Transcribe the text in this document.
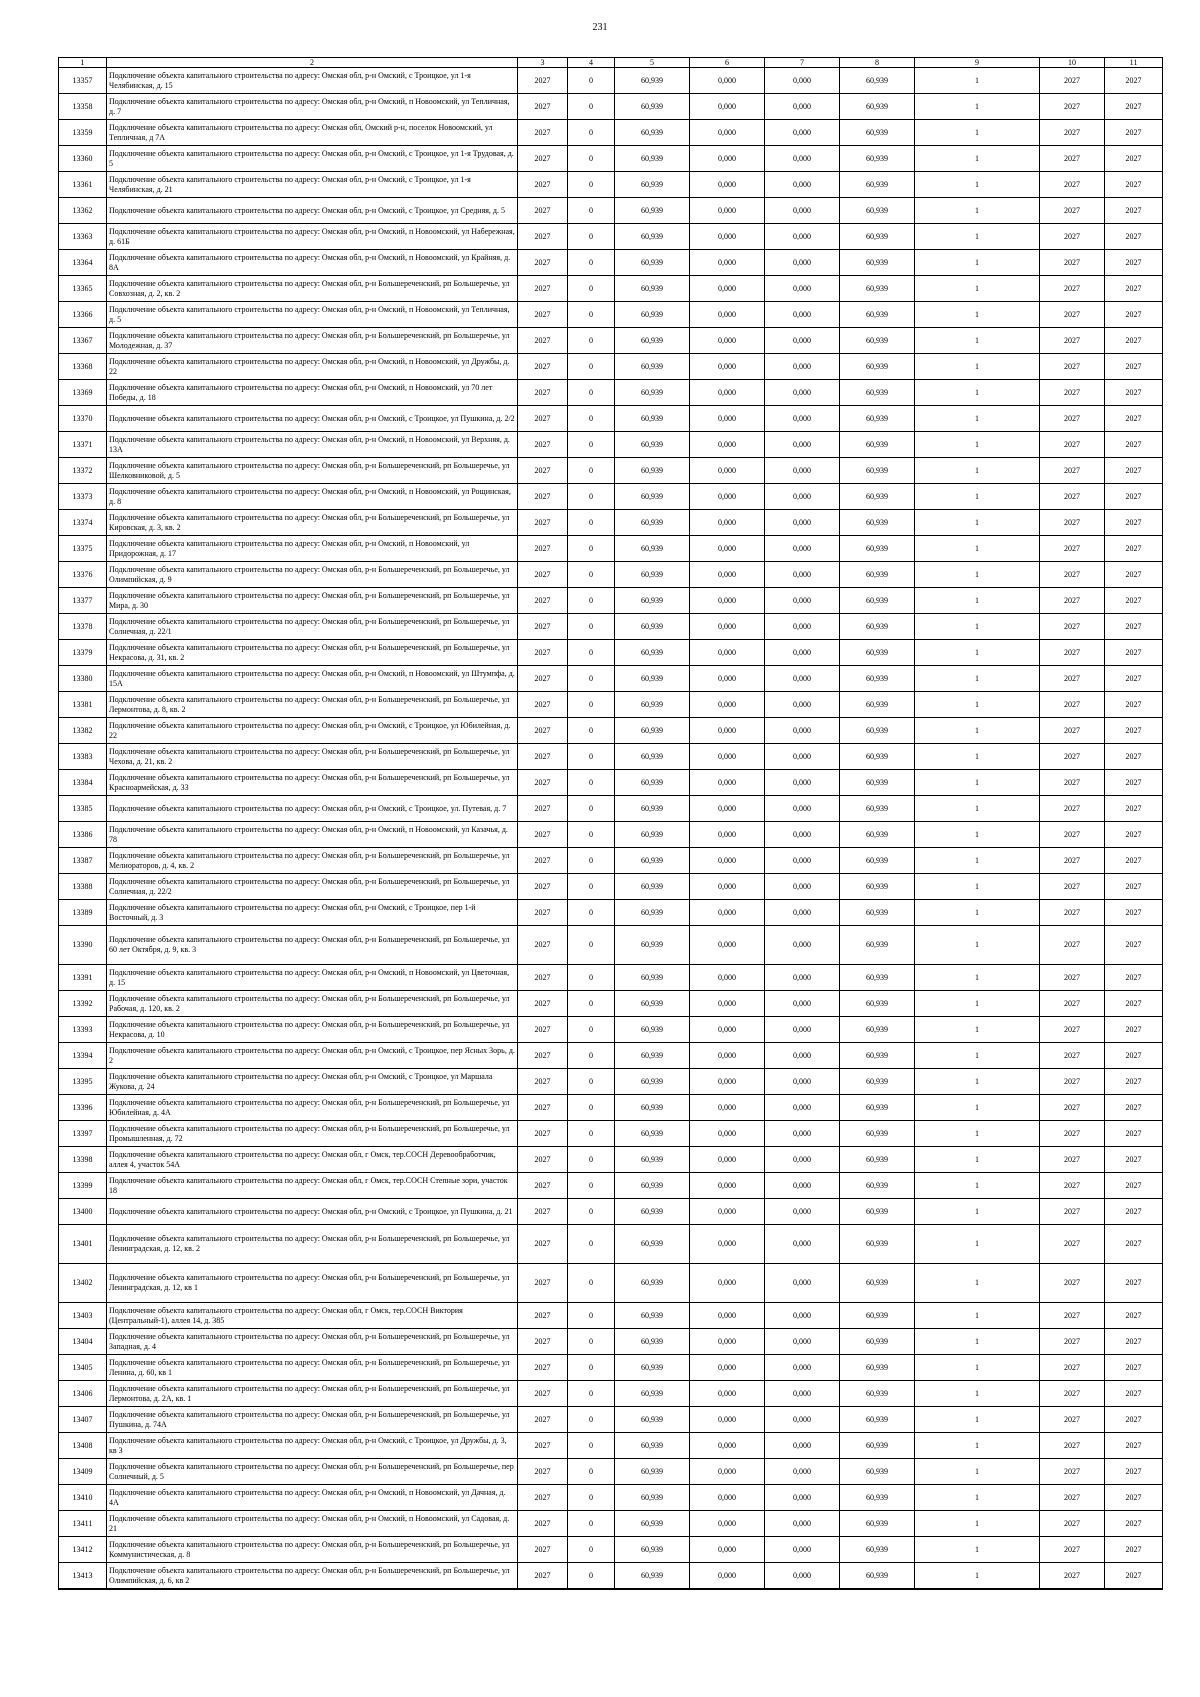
231
1	2	3	4	5	6	7	8	9	10	11
13357	Подключение объекта капитального строительства по адресу: Омская обл, р-н Омский, с Троицкое, ул 1-я Челябинская, д. 15	2027	0	60,939	0,000	0,000	60,939	1	2027	2027
13358	Подключение объекта капитального строительства по адресу: Омская обл, р-н Омский, п Новоомский, ул Тепличная, д. 7	2027	0	60,939	0,000	0,000	60,939	1	2027	2027
13359	Подключение объекта капитального строительства по адресу: Омская обл, Омский р-н, поселок Новоомский, ул Тепличная, д 7А	2027	0	60,939	0,000	0,000	60,939	1	2027	2027
13360	Подключение объекта капитального строительства по адресу: Омская обл, р-н Омский, с Троицкое, ул 1-я Трудовая, д. 5	2027	0	60,939	0,000	0,000	60,939	1	2027	2027
13361	Подключение объекта капитального строительства по адресу: Омская обл, р-н Омский, с Троицкое, ул 1-я Челябинская, д. 21	2027	0	60,939	0,000	0,000	60,939	1	2027	2027
13362	Подключение объекта капитального строительства по адресу: Омская обл, р-н Омский, с Троицкое, ул Средняя, д. 5	2027	0	60,939	0,000	0,000	60,939	1	2027	2027
13363	Подключение объекта капитального строительства по адресу: Омская обл, р-н Омский, п Новоомский, ул Набережная, д. 61Б	2027	0	60,939	0,000	0,000	60,939	1	2027	2027
13364	Подключение объекта капитального строительства по адресу: Омская обл, р-н Омский, п Новоомский, ул Крайняя, д. 8А	2027	0	60,939	0,000	0,000	60,939	1	2027	2027
13365	Подключение объекта капитального строительства по адресу: Омская обл, р-н Большереченский, рп Большеречье, ул Совхозная, д. 2, кв. 2	2027	0	60,939	0,000	0,000	60,939	1	2027	2027
13366	Подключение объекта капитального строительства по адресу: Омская обл, р-н Омский, п Новоомский, ул Тепличная, д. 5	2027	0	60,939	0,000	0,000	60,939	1	2027	2027
13367	Подключение объекта капитального строительства по адресу: Омская обл, р-н Большереченский, рп Большеречье, ул Молодежная, д. 37	2027	0	60,939	0,000	0,000	60,939	1	2027	2027
13368	Подключение объекта капитального строительства по адресу: Омская обл, р-н Омский, п Новоомский, ул Дружбы, д. 22	2027	0	60,939	0,000	0,000	60,939	1	2027	2027
13369	Подключение объекта капитального строительства по адресу: Омская обл, р-н Омский, п Новоомский, ул 70 лет Победы, д. 18	2027	0	60,939	0,000	0,000	60,939	1	2027	2027
13370	Подключение объекта капитального строительства по адресу: Омская обл, р-н Омский, с Троицкое, ул Пушкина, д. 2/2	2027	0	60,939	0,000	0,000	60,939	1	2027	2027
13371	Подключение объекта капитального строительства по адресу: Омская обл, р-н Омский, п Новоомский, ул Верхняя, д. 13А	2027	0	60,939	0,000	0,000	60,939	1	2027	2027
13372	Подключение объекта капитального строительства по адресу: Омская обл, р-н Большереченский, рп Большеречье, ул Шелковниковой, д. 5	2027	0	60,939	0,000	0,000	60,939	1	2027	2027
13373	Подключение объекта капитального строительства по адресу: Омская обл, р-н Омский, п Новоомский, ул Рощинская, д. 8	2027	0	60,939	0,000	0,000	60,939	1	2027	2027
13374	Подключение объекта капитального строительства по адресу: Омская обл, р-н Большереченский, рп Большеречье, ул Кировская, д. 3, кв. 2	2027	0	60,939	0,000	0,000	60,939	1	2027	2027
13375	Подключение объекта капитального строительства по адресу: Омская обл, р-н Омский, п Новоомский, ул Придорожная, д. 17	2027	0	60,939	0,000	0,000	60,939	1	2027	2027
13376	Подключение объекта капитального строительства по адресу: Омская обл, р-н Большереченский, рп Большеречье, ул Олимпийская, д. 9	2027	0	60,939	0,000	0,000	60,939	1	2027	2027
13377	Подключение объекта капитального строительства по адресу: Омская обл, р-н Большереченский, рп Большеречье, ул Мира, д. 30	2027	0	60,939	0,000	0,000	60,939	1	2027	2027
13378	Подключение объекта капитального строительства по адресу: Омская обл, р-н Большереченский, рп Большеречье, ул Солнечная, д. 22/1	2027	0	60,939	0,000	0,000	60,939	1	2027	2027
13379	Подключение объекта капитального строительства по адресу: Омская обл, р-н Большереченский, рп Большеречье, ул Некрасова, д. 31, кв. 2	2027	0	60,939	0,000	0,000	60,939	1	2027	2027
13380	Подключение объекта капитального строительства по адресу: Омская обл, р-н Омский, п Новоомский, ул Штумпфа, д. 15А	2027	0	60,939	0,000	0,000	60,939	1	2027	2027
13381	Подключение объекта капитального строительства по адресу: Омская обл, р-н Большереченский, рп Большеречье, ул Лермонтова, д. 8, кв. 2	2027	0	60,939	0,000	0,000	60,939	1	2027	2027
13382	Подключение объекта капитального строительства по адресу: Омская обл, р-н Омский, с Троицкое, ул Юбилейная, д. 22	2027	0	60,939	0,000	0,000	60,939	1	2027	2027
13383	Подключение объекта капитального строительства по адресу: Омская обл, р-н Большереченский, рп Большеречье, ул Чехова, д. 21, кв. 2	2027	0	60,939	0,000	0,000	60,939	1	2027	2027
13384	Подключение объекта капитального строительства по адресу: Омская обл, р-н Большереченский, рп Большеречье, ул Красноармейская, д. 33	2027	0	60,939	0,000	0,000	60,939	1	2027	2027
13385	Подключение объекта капитального строительства по адресу: Омская обл, р-н Омский, с Троицкое, ул. Путевая, д. 7	2027	0	60,939	0,000	0,000	60,939	1	2027	2027
13386	Подключение объекта капитального строительства по адресу: Омская обл, р-н Омский, п Новоомский, ул Казачья, д. 78	2027	0	60,939	0,000	0,000	60,939	1	2027	2027
13387	Подключение объекта капитального строительства по адресу: Омская обл, р-н Большереченский, рп Большеречье, ул Мелиораторов, д. 4, кв. 2	2027	0	60,939	0,000	0,000	60,939	1	2027	2027
13388	Подключение объекта капитального строительства по адресу: Омская обл, р-н Большереченский, рп Большеречье, ул Солнечная, д. 22/2	2027	0	60,939	0,000	0,000	60,939	1	2027	2027
13389	Подключение объекта капитального строительства по адресу: Омская обл, р-н Омский, с Троицкое, пер 1-й Восточный, д. 3	2027	0	60,939	0,000	0,000	60,939	1	2027	2027
13390	Подключение объекта капитального строительства по адресу: Омская обл, р-н Большереченский, рп Большеречье, ул 60 лет Октября, д. 9, кв. 3	2027	0	60,939	0,000	0,000	60,939	1	2027	2027
13391	Подключение объекта капитального строительства по адресу: Омская обл, р-н Омский, п Новоомский, ул Цветочная, д. 15	2027	0	60,939	0,000	0,000	60,939	1	2027	2027
13392	Подключение объекта капитального строительства по адресу: Омская обл, р-н Большереченский, рп Большеречье, ул Рабочая, д. 120, кв. 2	2027	0	60,939	0,000	0,000	60,939	1	2027	2027
13393	Подключение объекта капитального строительства по адресу: Омская обл, р-н Большереченский, рп Большеречье, ул Некрасова, д. 10	2027	0	60,939	0,000	0,000	60,939	1	2027	2027
13394	Подключение объекта капитального строительства по адресу: Омская обл, р-н Омский, с Троицкое, пер Ясных Зорь, д. 2	2027	0	60,939	0,000	0,000	60,939	1	2027	2027
13395	Подключение объекта капитального строительства по адресу: Омская обл, р-н Омский, с Троицкое, ул Маршала Жукова, д. 24	2027	0	60,939	0,000	0,000	60,939	1	2027	2027
13396	Подключение объекта капитального строительства по адресу: Омская обл, р-н Большереченский, рп Большеречье, ул Юбилейная, д. 4А	2027	0	60,939	0,000	0,000	60,939	1	2027	2027
13397	Подключение объекта капитального строительства по адресу: Омская обл, р-н Большереченский, рп Большеречье, ул Промышленная, д. 72	2027	0	60,939	0,000	0,000	60,939	1	2027	2027
13398	Подключение объекта капитального строительства по адресу: Омская обл, г Омск, тер.СОСН Деревообработчик, аллея 4, участок 54А	2027	0	60,939	0,000	0,000	60,939	1	2027	2027
13399	Подключение объекта капитального строительства по адресу: Омская обл, г Омск, тер.СОСН Степные зори, участок 18	2027	0	60,939	0,000	0,000	60,939	1	2027	2027
13400	Подключение объекта капитального строительства по адресу: Омская обл, р-н Омский, с Троицкое, ул Пушкина, д. 21	2027	0	60,939	0,000	0,000	60,939	1	2027	2027
13401	Подключение объекта капитального строительства по адресу: Омская обл, р-н Большереченский, рп Большеречье, ул Ленинградская, д. 12, кв. 2	2027	0	60,939	0,000	0,000	60,939	1	2027	2027
13402	Подключение объекта капитального строительства по адресу: Омская обл, р-н Большереченский, рп Большеречье, ул Ленинградская, д. 12, кв 1	2027	0	60,939	0,000	0,000	60,939	1	2027	2027
13403	Подключение объекта капитального строительства по адресу: Омская обл, г Омск, тер.СОСН Виктория (Центральный-1), аллея 14, д. 385	2027	0	60,939	0,000	0,000	60,939	1	2027	2027
13404	Подключение объекта капитального строительства по адресу: Омская обл, р-н Большереченский, рп Большеречье, ул Западная, д. 4	2027	0	60,939	0,000	0,000	60,939	1	2027	2027
13405	Подключение объекта капитального строительства по адресу: Омская обл, р-н Большереченский, рп Большеречье, ул Ленина, д. 60, кв 1	2027	0	60,939	0,000	0,000	60,939	1	2027	2027
13406	Подключение объекта капитального строительства по адресу: Омская обл, р-н Большереченский, рп Большеречье, ул Лермонтова, д. 2А, кв. 1	2027	0	60,939	0,000	0,000	60,939	1	2027	2027
13407	Подключение объекта капитального строительства по адресу: Омская обл, р-н Большереченский, рп Большеречье, ул Пушкина, д. 74А	2027	0	60,939	0,000	0,000	60,939	1	2027	2027
13408	Подключение объекта капитального строительства по адресу: Омская обл, р-н Омский, с Троицкое, ул Дружбы, д. 3, кв 3	2027	0	60,939	0,000	0,000	60,939	1	2027	2027
13409	Подключение объекта капитального строительства по адресу: Омская обл, р-н Большереченский, рп Большеречье, пер Солнечный, д. 5	2027	0	60,939	0,000	0,000	60,939	1	2027	2027
13410	Подключение объекта капитального строительства по адресу: Омская обл, р-н Омский, п Новоомский, ул Дачная, д. 4А	2027	0	60,939	0,000	0,000	60,939	1	2027	2027
13411	Подключение объекта капитального строительства по адресу: Омская обл, р-н Омский, п Новоомский, ул Садовая, д. 21	2027	0	60,939	0,000	0,000	60,939	1	2027	2027
13412	Подключение объекта капитального строительства по адресу: Омская обл, р-н Большереченский, рп Большеречье, ул Коммунистическая, д. 8	2027	0	60,939	0,000	0,000	60,939	1	2027	2027
13413	Подключение объекта капитального строительства по адресу: Омская обл, р-н Большереченский, рп Большеречье, ул Олимпийская, д. 6, кв 2	2027	0	60,939	0,000	0,000	60,939	1	2027	2027
